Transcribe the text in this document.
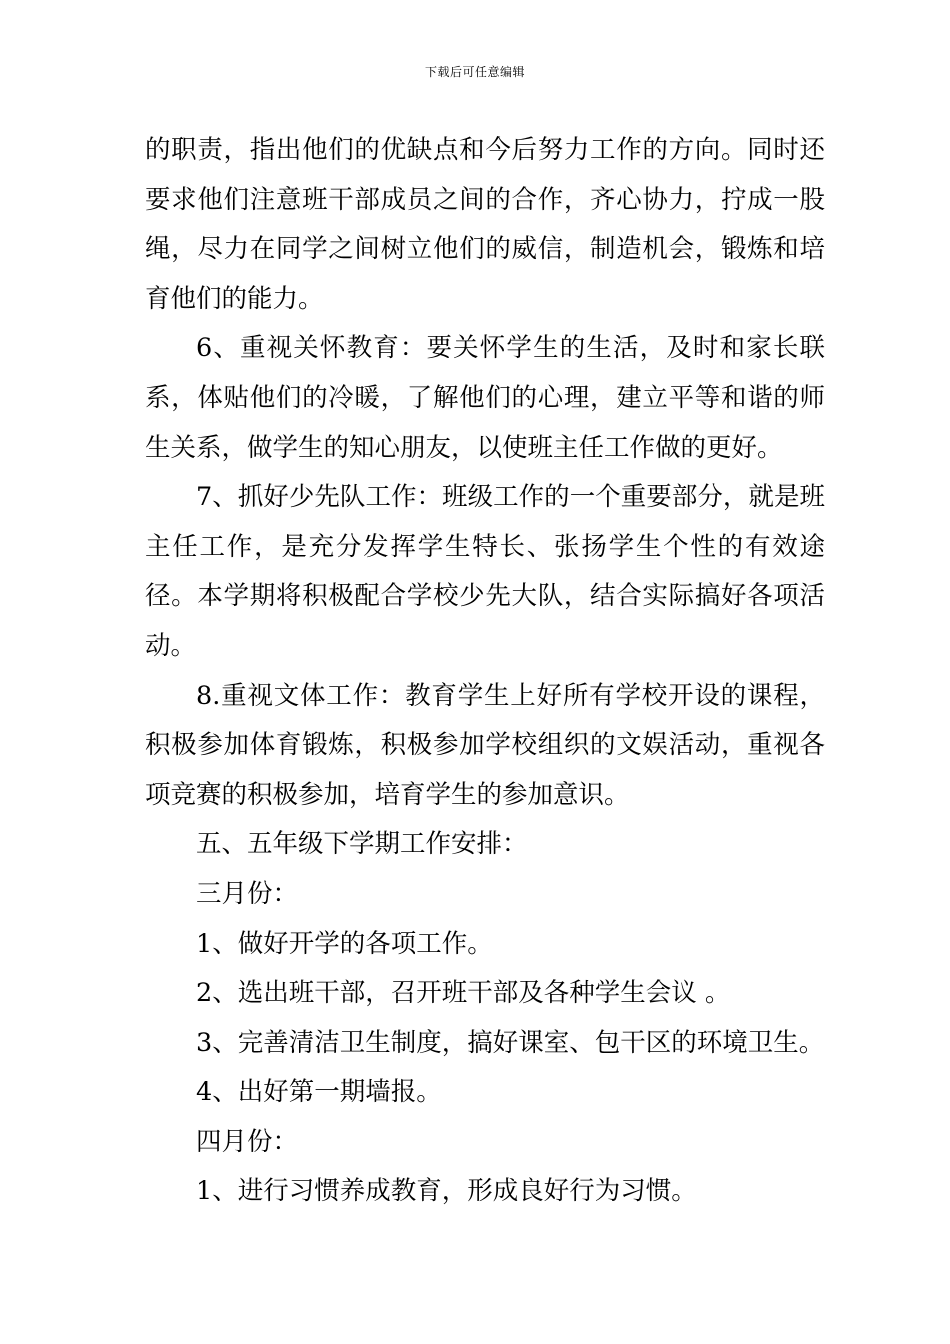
下载后可任意编辑

的职责，指出他们的优缺点和今后努力工作的方向。同时还要求他们注意班干部成员之间的合作，齐心协力，拧成一股绳，尽力在同学之间树立他们的威信，制造机会，锻炼和培育他们的能力。

6、重视关怀教育：要关怀学生的生活，及时和家长联系，体贴他们的冷暖，了解他们的心理，建立平等和谐的师生关系，做学生的知心朋友，以使班主任工作做的更好。

7、抓好少先队工作：班级工作的一个重要部分，就是班主任工作，是充分发挥学生特长、张扬学生个性的有效途径。本学期将积极配合学校少先大队，结合实际搞好各项活动。

8.重视文体工作：教育学生上好所有学校开设的课程，积极参加体育锻炼，积极参加学校组织的文娱活动，重视各项竞赛的积极参加，培育学生的参加意识。

五、五年级下学期工作安排：

三月份：

1、做好开学的各项工作。

2、选出班干部，召开班干部及各种学生会议 。

3、完善清洁卫生制度，搞好课室、包干区的环境卫生。

4、出好第一期墙报。

四月份：

1、进行习惯养成教育，形成良好行为习惯。
